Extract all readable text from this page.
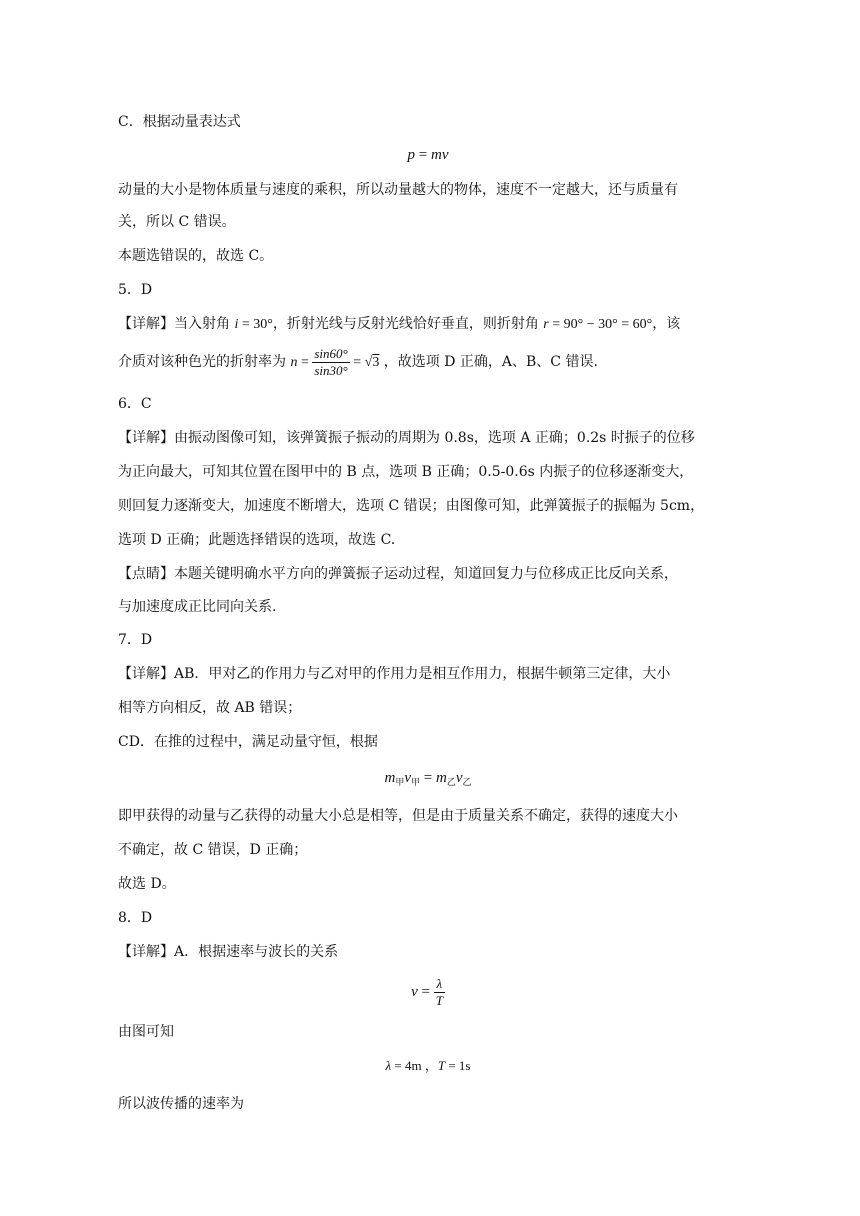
C．根据动量表达式
p = mv
动量的大小是物体质量与速度的乘积，所以动量越大的物体，速度不一定越大，还与质量有
关，所以 C 错误。
本题选错误的，故选 C。
5．D
【详解】当入射角 i = 30°，折射光线与反射光线恰好垂直，则折射角 r = 90° − 30° = 60°，该
介质对该种色光的折射率为 $n = \frac{\sin 60^\circ}{\sin 30^\circ} = √3$ ，故选项 D 正确，A、B、C 错误.
6．C
【详解】由振动图像可知，该弹簧振子振动的周期为 0.8s，选项 A 正确；0.2s 时振子的位移
为正向最大，可知其位置在图甲中的 B 点，选项 B 正确；0.5-0.6s 内振子的位移逐渐变大，
则回复力逐渐变大，加速度不断增大，选项 C 错误；由图像可知，此弹簧振子的振幅为 5cm，
选项 D 正确；此题选择错误的选项，故选 C.
【点睛】本题关键明确水平方向的弹簧振子运动过程，知道回复力与位移成正比反向关系，
与加速度成正比同向关系.
7．D
【详解】AB．甲对乙的作用力与乙对甲的作用力是相互作用力，根据牛顿第三定律，大小
相等方向相反，故 AB 错误；
CD．在推的过程中，满足动量守恒，根据
$m_甲v_甲 = m_乙v_乙$
即甲获得的动量与乙获得的动量大小总是相等，但是由于质量关系不确定，获得的速度大小
不确定，故 C 错误，D 正确；
故选 D。
8．D
【详解】A．根据速率与波长的关系
$v = \frac{\lambda}{T}$
由图可知
λ = 4m ，T = 1s
所以波传播的速率为
